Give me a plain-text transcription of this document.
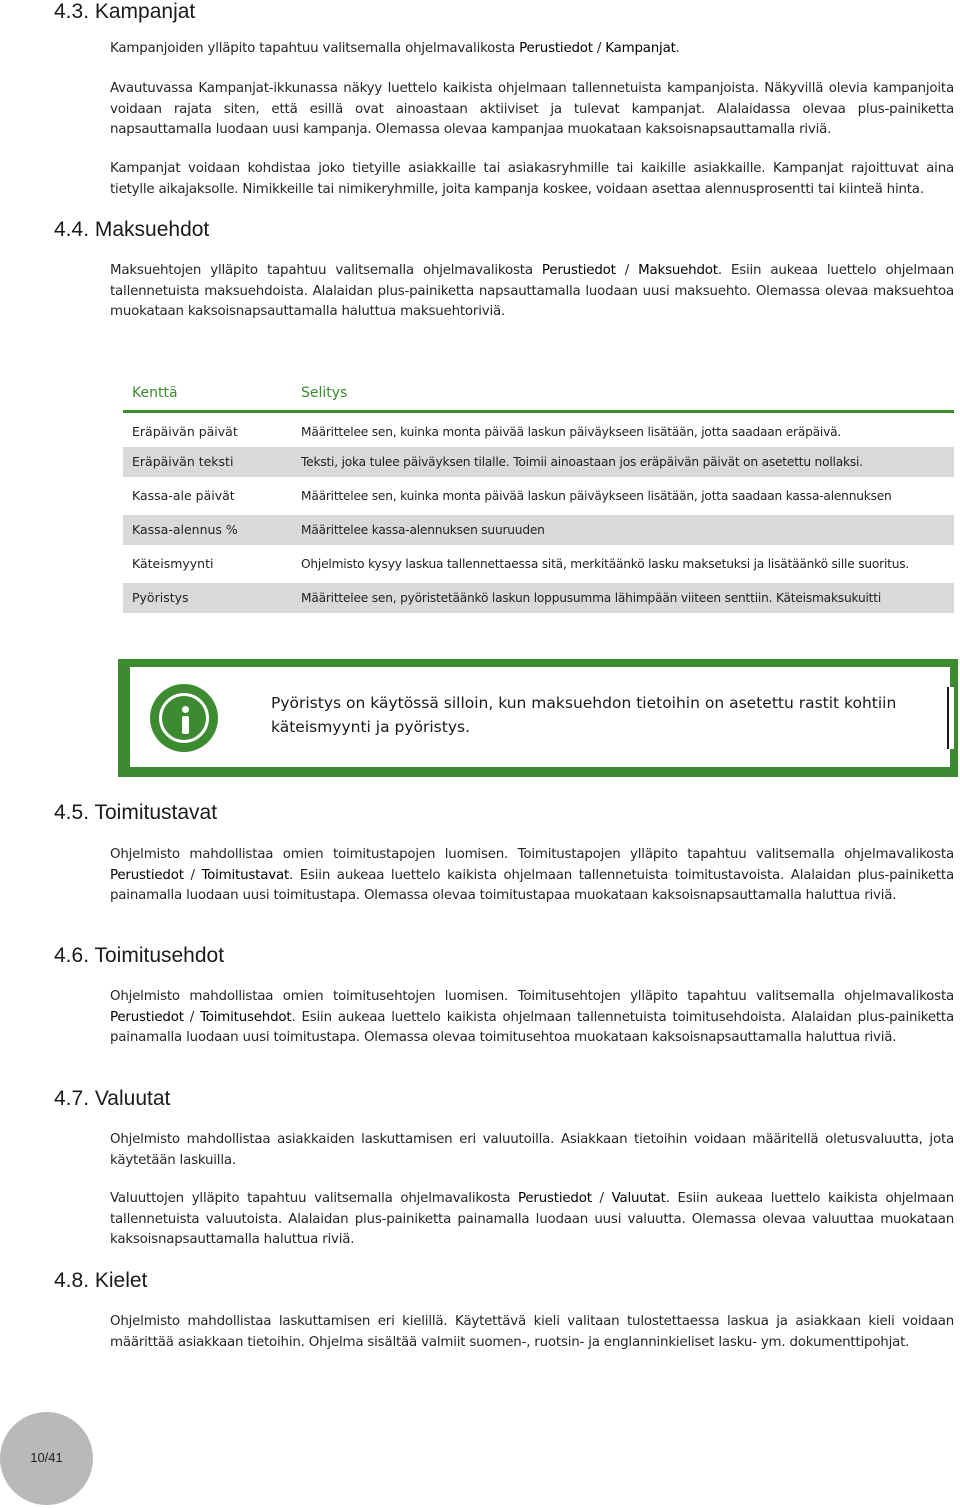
4.3. Kampanjat

Kampanjoiden ylläpito tapahtuu valitsemalla ohjelmavalikosta Perustiedot / Kampanjat.

Avautuvassa Kampanjat-ikkunassa näkyy luettelo kaikista ohjelmaan tallennetuista kampanjoista. Näkyvillä olevia kampanjoita voidaan rajata siten, että esillä ovat ainoastaan aktiiviset ja tulevat kampanjat. Alalaidassa olevaa plus-painiketta napsauttamalla luodaan uusi kampanja. Olemassa olevaa kampanjaa muokataan kaksoisnapsauttamalla riviä.

Kampanjat voidaan kohdistaa joko tietyille asiakkaille tai asiakasryhmille tai kaikille asiakkaille. Kampanjat rajoittuvat aina tietylle aikajaksolle. Nimikkeille tai nimikeryhmille, joita kampanja koskee, voidaan asettaa alennusprosentti tai kiinteä hinta.

4.4. Maksuehdot

Maksuehtojen ylläpito tapahtuu valitsemalla ohjelmavalikosta Perustiedot / Maksuehdot. Esiin aukeaa luettelo ohjelmaan tallennetuista maksuehdoista. Alalaidan plus-painiketta napsauttamalla luodaan uusi maksuehto. Olemassa olevaa maksuehtoa muokataan kaksoisnapsauttamalla haluttua maksuehtoriviä.

Kenttä	Selitys
Eräpäivän päivät	Määrittelee sen, kuinka monta päivää laskun päiväykseen lisätään, jotta saadaan eräpäivä.
Eräpäivän teksti	Teksti, joka tulee päiväyksen tilalle. Toimii ainoastaan jos eräpäivän päivät on asetettu nollaksi.
Kassa-ale päivät	Määrittelee sen, kuinka monta päivää laskun päiväykseen lisätään, jotta saadaan kassa-alennuksen
Kassa-alennus %	Määrittelee kassa-alennuksen suuruuden
Käteismyynti	Ohjelmisto kysyy laskua tallennettaessa sitä, merkitäänkö lasku maksetuksi ja lisätäänkö sille suoritus.
Pyöristys	Määrittelee sen, pyöristetäänkö laskun loppusumma lähimpään viiteen senttiin. Käteismaksukuitti

Pyöristys on käytössä silloin, kun maksuehdon tietoihin on asetettu rastit kohtiin käteismyynti ja pyöristys.

4.5. Toimitustavat

Ohjelmisto mahdollistaa omien toimitustapojen luomisen. Toimitustapojen ylläpito tapahtuu valitsemalla ohjelmavalikosta Perustiedot / Toimitustavat. Esiin aukeaa luettelo kaikista ohjelmaan tallennetuista toimitustavoista. Alalaidan plus-painiketta painamalla luodaan uusi toimitustapa. Olemassa olevaa toimitustapaa muokataan kaksoisnapsauttamalla haluttua riviä.

4.6. Toimitusehdot

Ohjelmisto mahdollistaa omien toimitusehtojen luomisen. Toimitusehtojen ylläpito tapahtuu valitsemalla ohjelmavalikosta Perustiedot / Toimitusehdot. Esiin aukeaa luettelo kaikista ohjelmaan tallennetuista toimitusehdoista. Alalaidan plus-painiketta painamalla luodaan uusi toimitustapa. Olemassa olevaa toimitusehtoa muokataan kaksoisnapsauttamalla haluttua riviä.

4.7. Valuutat

Ohjelmisto mahdollistaa asiakkaiden laskuttamisen eri valuutoilla. Asiakkaan tietoihin voidaan määritellä oletusvaluutta, jota käytetään laskuilla.

Valuuttojen ylläpito tapahtuu valitsemalla ohjelmavalikosta Perustiedot / Valuutat. Esiin aukeaa luettelo kaikista ohjelmaan tallennetuista valuutoista. Alalaidan plus-painiketta painamalla luodaan uusi valuutta. Olemassa olevaa valuuttaa muokataan kaksoisnapsauttamalla haluttua riviä.

4.8. Kielet

Ohjelmisto mahdollistaa laskuttamisen eri kielillä. Käytettävä kieli valitaan tulostettaessa laskua ja asiakkaan kieli voidaan määrittää asiakkaan tietoihin. Ohjelma sisältää valmiit suomen-, ruotsin- ja englanninkieliset lasku- ym. dokumenttipohjat.

10/41
